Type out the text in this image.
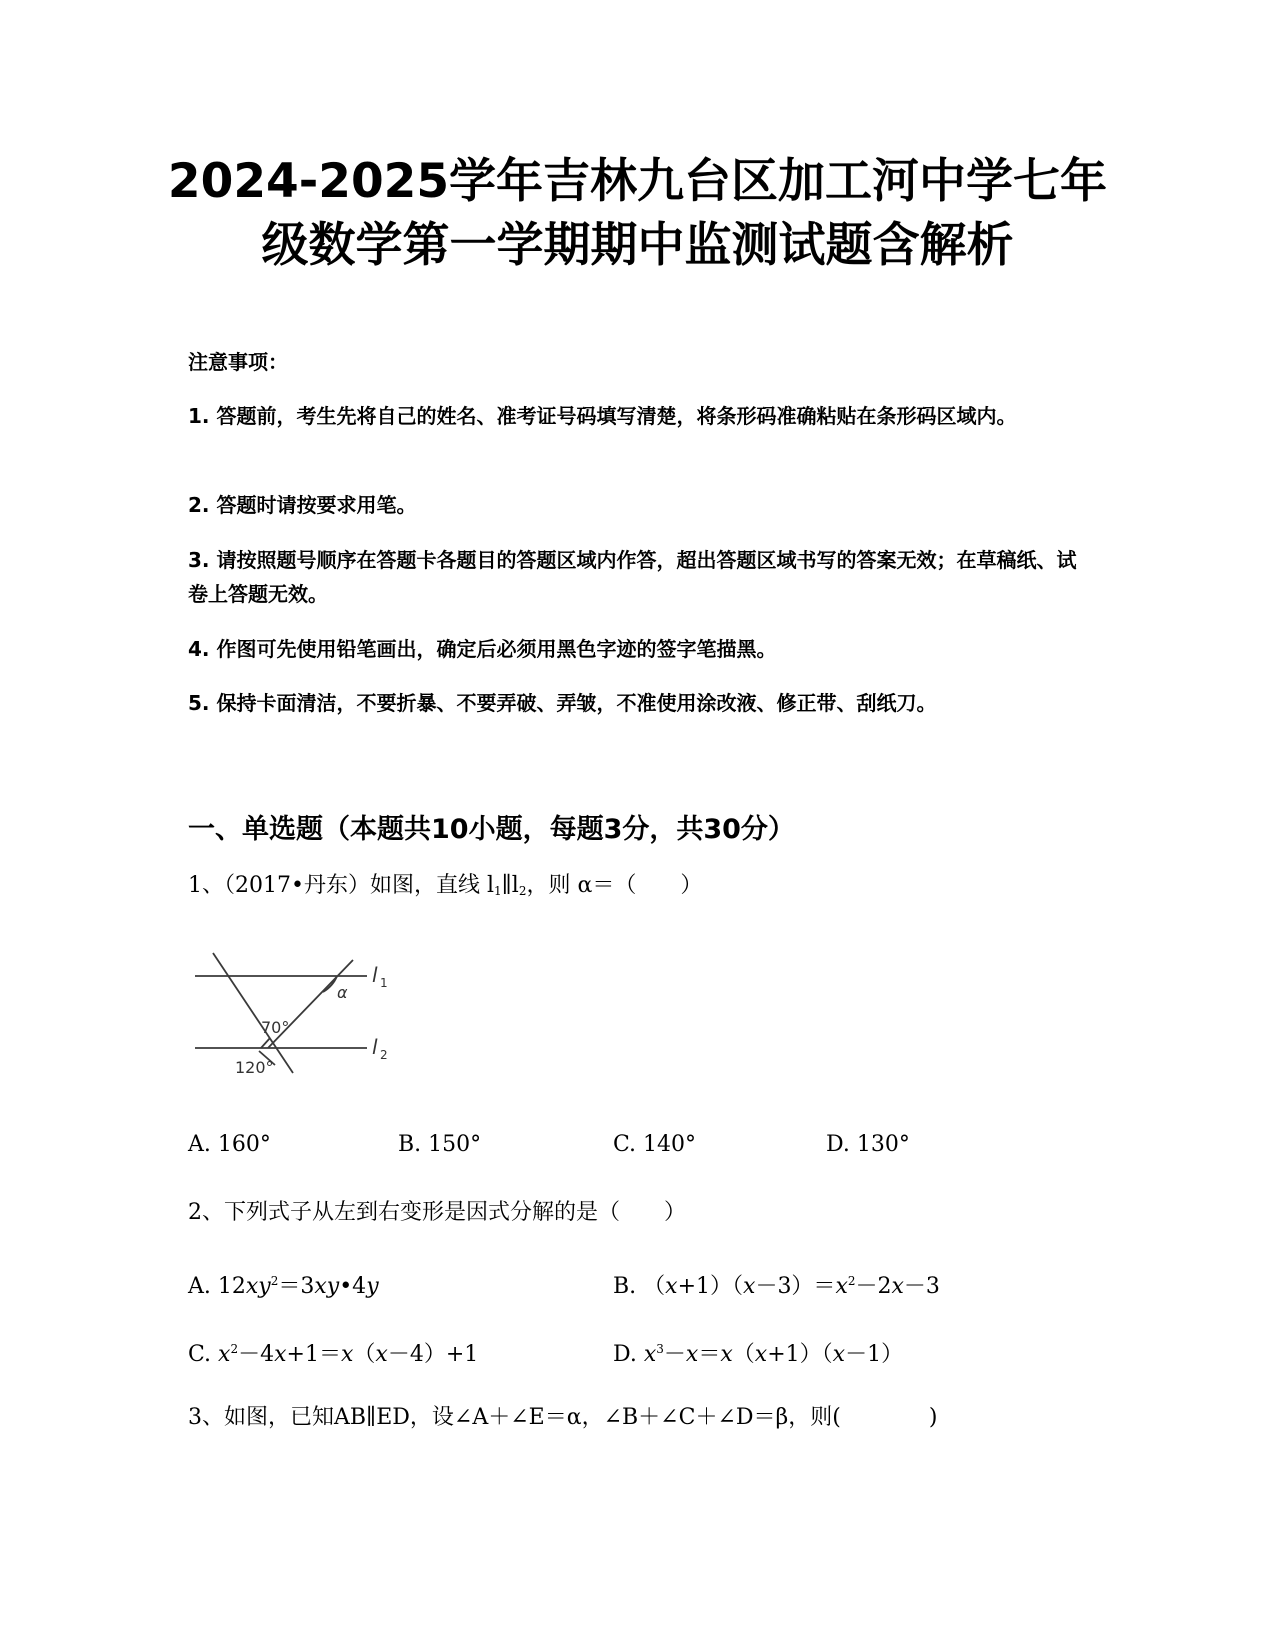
2024-2025学年吉林九台区加工河中学七年
级数学第一学期期中监测试题含解析
注意事项：
1. 答题前，考生先将自己的姓名、准考证号码填写清楚，将条形码准确粘贴在条形码区域内。
2. 答题时请按要求用笔。
3. 请按照题号顺序在答题卡各题目的答题区域内作答，超出答题区域书写的答案无效；在草稿纸、试卷上答题无效。
4. 作图可先使用铅笔画出，确定后必须用黑色字迹的签字笔描黑。
5. 保持卡面清洁，不要折暴、不要弄破、弄皱，不准使用涂改液、修正带、刮纸刀。
一、单选题（本题共10小题，每题3分，共30分）
1、（2017•丹东）如图，直线 $l_1\parallel l_2$，则 α＝（　　）
α
70°
120°
l 1
l 2
A. 160°	B. 150°	C. 140°	D. 130°
2、下列式子从左到右变形是因式分解的是（　　）
A. $12xy^2=3xy•4y$	B. $(x+1)(x-3)=x^2-2x-3$
C. $x^2-4x+1=x(x-4)+1$	D. $x^3-x=x(x+1)(x-1)$
3、如图，已知AB∥ED，设∠A＋∠E＝α，∠B＋∠C＋∠D＝β，则(　　　　)
